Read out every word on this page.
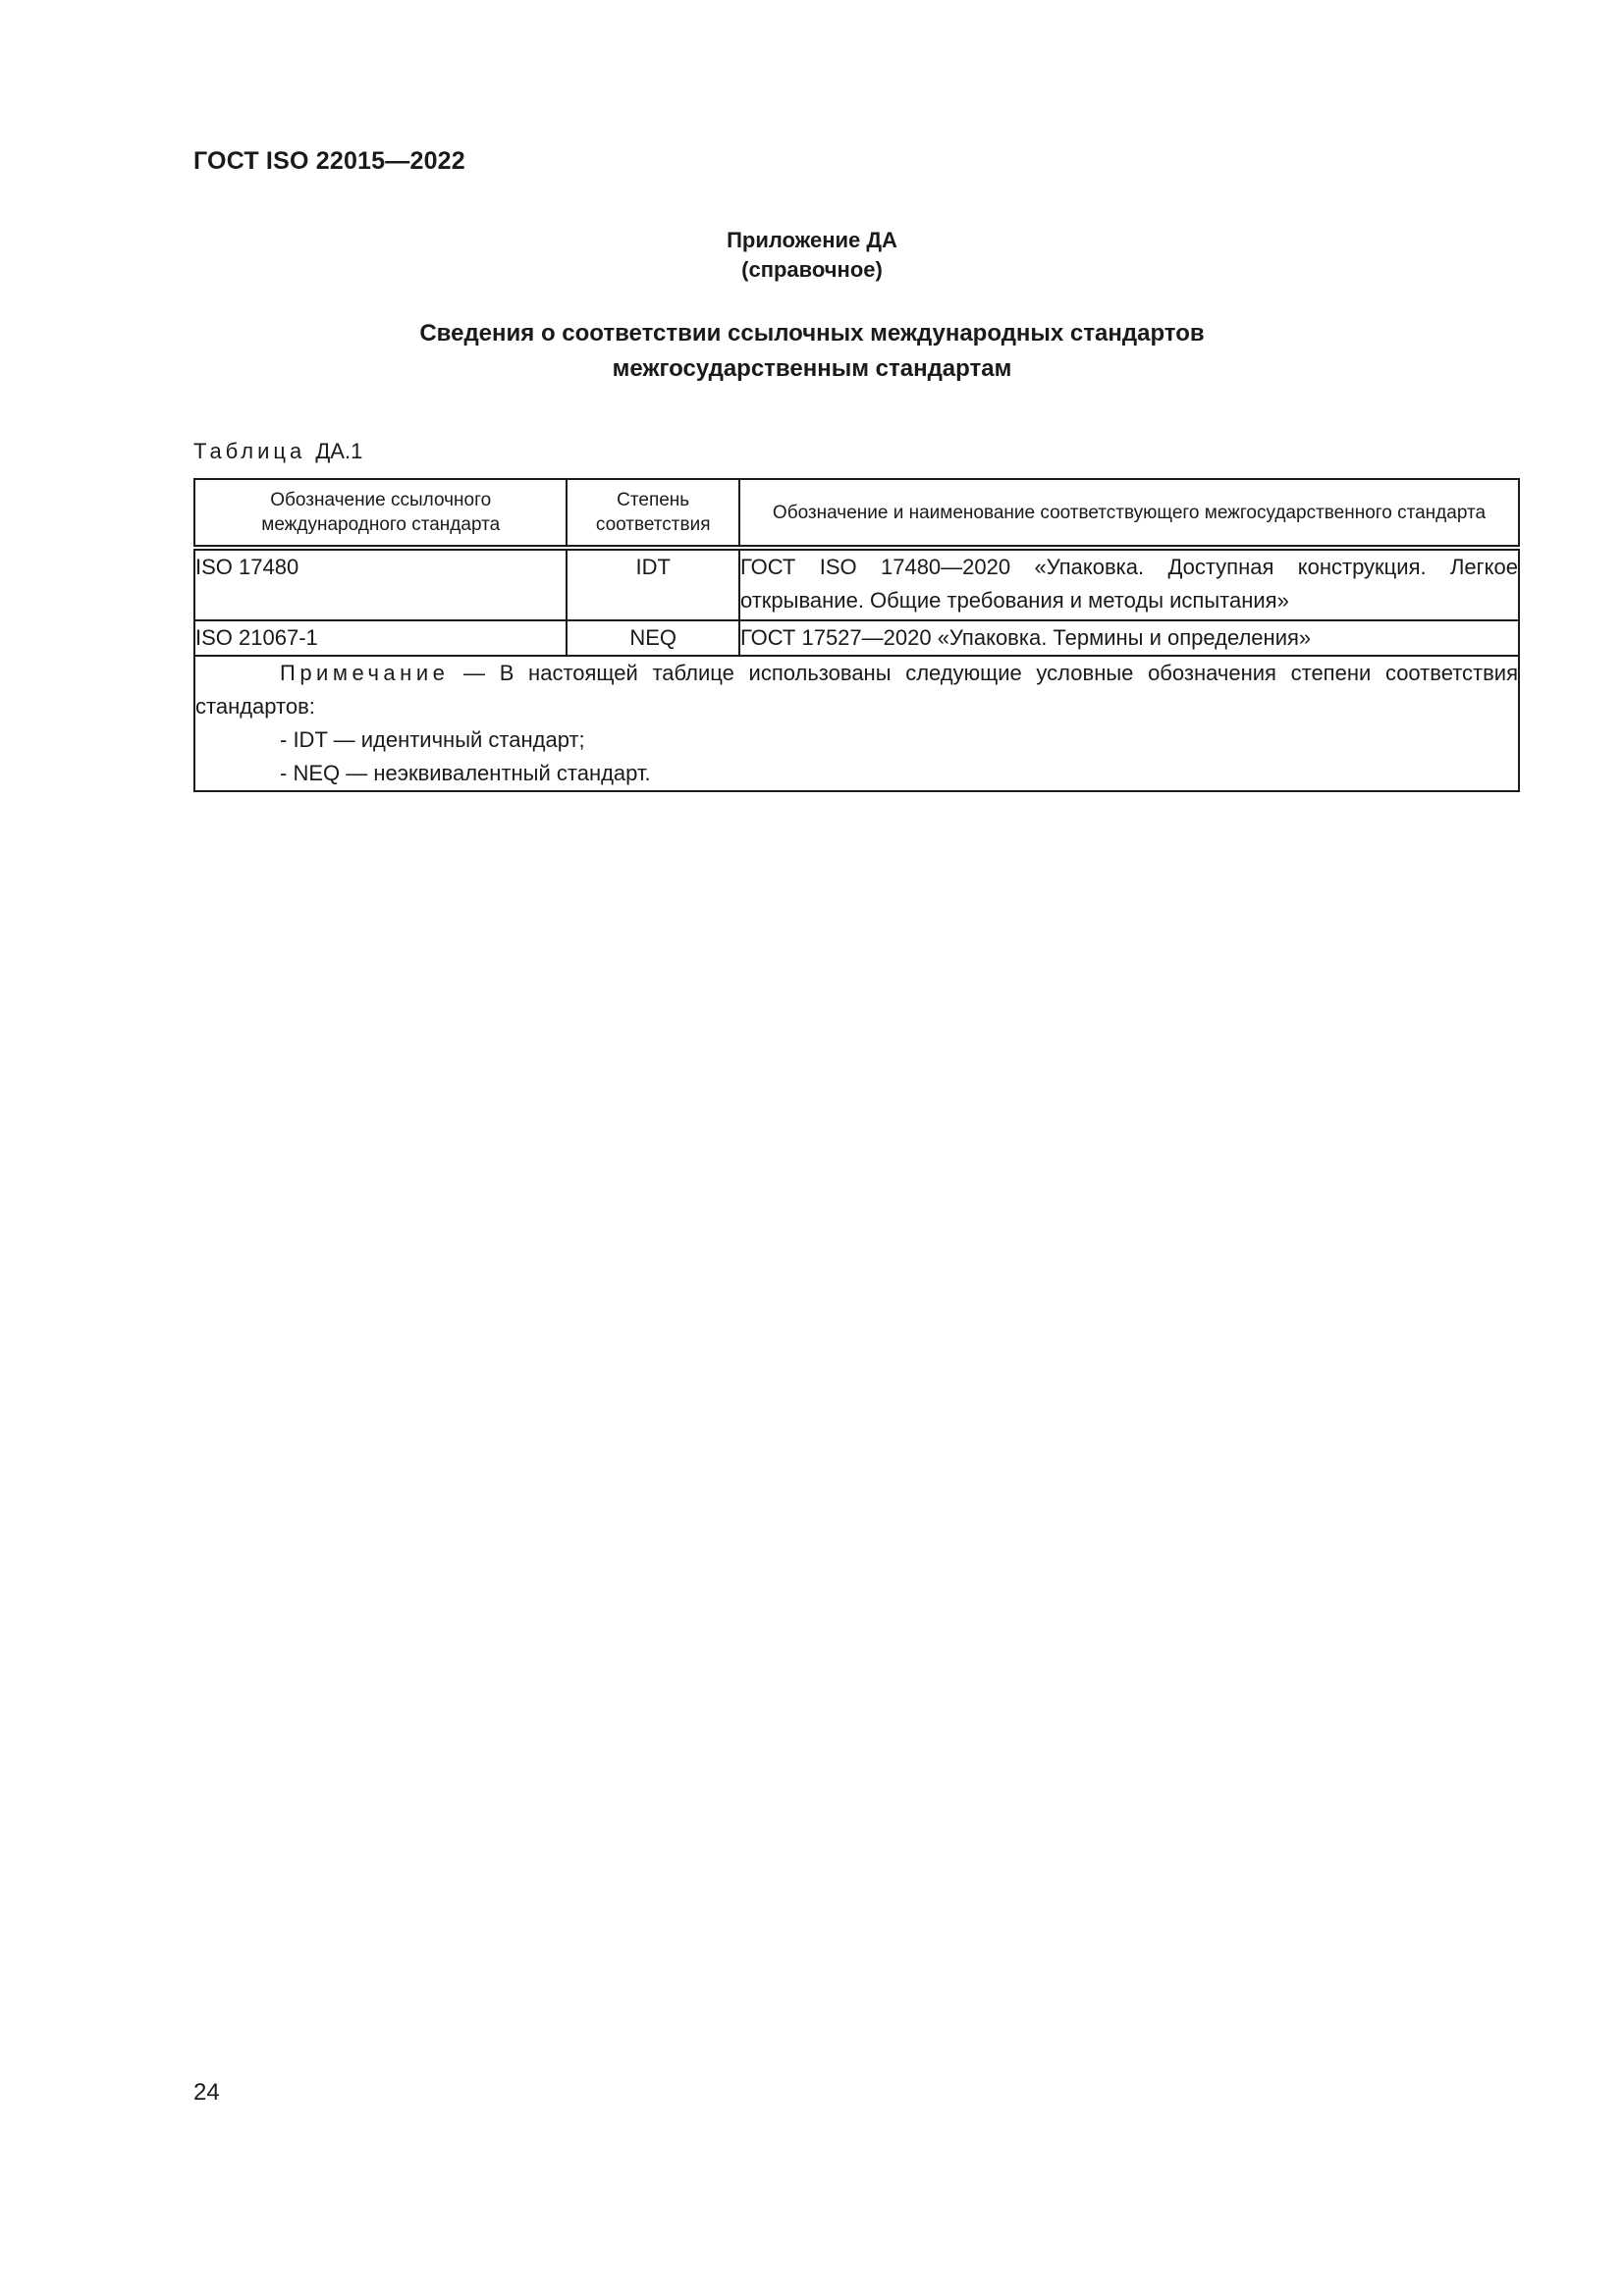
ГОСТ ISO 22015—2022
Приложение ДА
(справочное)
Сведения о соответствии ссылочных международных стандартов
межгосударственным стандартам
Таблица ДА.1
Обозначение ссылочного международного стандарта	Степень соответствия	Обозначение и наименование соответствующего межгосударственного стандарта

ISO 17480	IDT	ГОСТ ISO 17480—2020 «Упаковка. Доступная конструкция. Легкое открывание. Общие требования и методы испытания»
ISO 21067-1	NEQ	ГОСТ 17527—2020 «Упаковка. Термины и определения»

Примечание — В настоящей таблице использованы следующие условные обозначения степени соответствия стандартов:
- IDT — идентичный стандарт;
- NEQ — неэквивалентный стандарт.		
24
